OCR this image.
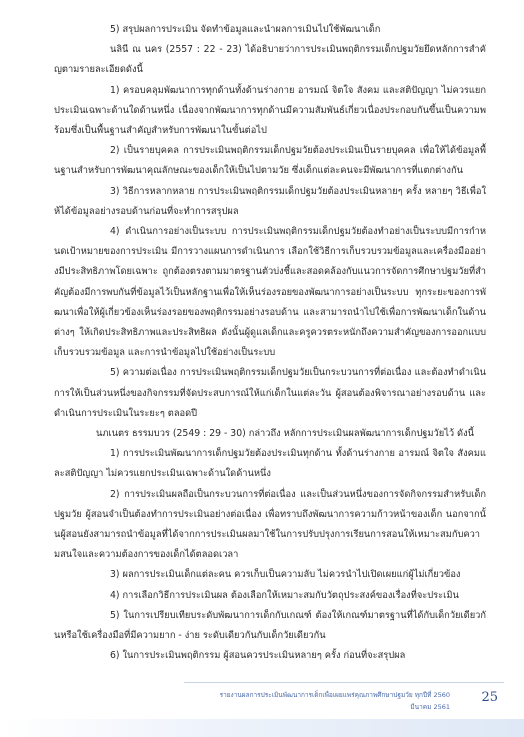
5) สรุปผลการประเมิน จัดทำข้อมูลและนำผลการเมินไปใช้พัฒนาเด็ก

นลินี ณ นคร (2557 : 22 - 23) ได้อธิบายว่าการประเมินพฤติกรรมเด็กปฐมวัยยึดหลักการสำคัญตามรายละเอียดดังนี้

1) ครอบคลุมพัฒนาการทุกด้านทั้งด้านร่างกาย อารมณ์ จิตใจ สังคม และสติปัญญา ไม่ควรแยกประเมินเฉพาะด้านใดด้านหนึ่ง เนื่องจากพัฒนาการทุกด้านมีความสัมพันธ์เกี่ยวเนื่องประกอบกันขึ้นเป็นความพร้อมซึ่งเป็นพื้นฐานสำคัญสำหรับการพัฒนาในขั้นต่อไป

2) เป็นรายบุคคล การประเมินพฤติกรรมเด็กปฐมวัยต้องประเมินเป็นรายบุคคล เพื่อให้ได้ข้อมูลพื้นฐานสำหรับการพัฒนาคุณลักษณะของเด็กให้เป็นไปตามวัย ซึ่งเด็กแต่ละคนจะมีพัฒนาการที่แตกต่างกัน

3) วิธีการหลากหลาย การประเมินพฤติกรรมเด็กปฐมวัยต้องประเมินหลายๆ ครั้ง หลายๆ วิธีเพื่อให้ได้ข้อมูลอย่างรอบด้านก่อนที่จะทำการสรุปผล

4) ดำเนินการอย่างเป็นระบบ การประเมินพฤติกรรมเด็กปฐมวัยต้องทำอย่างเป็นระบบมีการกำหนดเป้าหมายของการประเมิน มีการวางแผนการดำเนินการ เลือกใช้วิธีการเก็บรวบรวมข้อมูลและเครื่องมืออย่างมีประสิทธิภาพโดยเฉพาะ ถูกต้องตรงตามมาตรฐานตัวบ่งชี้และสอดคล้องกับแนวการจัดการศึกษาปฐมวัยที่สำคัญต้องมีการพบกันที่ข้อมูลไว้เป็นหลักฐานเพื่อให้เห็นร่องรอยของพัฒนาการอย่างเป็นระบบ ทุกระยะของการพัฒนาเพื่อให้ผู้เกี่ยวข้องเห็นร่องรอยของพฤติกรรมอย่างรอบด้าน และสามารถนำไปใช้เพื่อการพัฒนาเด็กในด้านต่างๆ ให้เกิดประสิทธิภาพและประสิทธิผล ดังนั้นผู้ดูแลเด็กและครูควรตระหนักถึงความสำคัญของการออกแบบเก็บรวบรวมข้อมูล และการนำข้อมูลไปใช้อย่างเป็นระบบ

5) ความต่อเนื่อง การประเมินพฤติกรรมเด็กปฐมวัยเป็นกระบวนการที่ต่อเนื่อง และต้องทำดำเนินการให้เป็นส่วนหนึ่งของกิจกรรมที่จัดประสบการณ์ให้แก่เด็กในแต่ละวัน ผู้สอนต้องพิจารณาอย่างรอบด้าน และดำเนินการประเมินในระยะๆ ตลอดปี

นภเนตร ธรรมบวร (2549 : 29 - 30) กล่าวถึง หลักการประเมินผลพัฒนาการเด็กปฐมวัยไว้ ดังนี้

1) การประเมินพัฒนาการเด็กปฐมวัยต้องประเมินทุกด้าน ทั้งด้านร่างกาย อารมณ์ จิตใจ สังคมและสติปัญญา ไม่ควรแยกประเมินเฉพาะด้านใดด้านหนึ่ง

2) การประเมินผลถือเป็นกระบวนการที่ต่อเนื่อง และเป็นส่วนหนึ่งของการจัดกิจกรรมสำหรับเด็กปฐมวัย ผู้สอนจำเป็นต้องทำการประเมินอย่างต่อเนื่อง เพื่อทราบถึงพัฒนาการความก้าวหน้าของเด็ก นอกจากนั้นผู้สอนยังสามารถนำข้อมูลที่ได้จากการประเมินผลมาใช้ในการปรับปรุงการเรียนการสอนให้เหมาะสมกับความสนใจและความต้องการของเด็กได้ตลอดเวลา

3) ผลการประเมินเด็กแต่ละคน ควรเก็บเป็นความลับ ไม่ควรนำไปเปิดเผยแก่ผู้ไม่เกี่ยวข้อง

4) การเลือกวิธีการประเมินผล ต้องเลือกให้เหมาะสมกับวัตถุประสงค์ของเรื่องที่จะประเมิน

5) ในการเปรียบเทียบระดับพัฒนาการเด็กกับเกณฑ์ ต้องให้เกณฑ์มาตรฐานที่ได้กับเด็กวัยเดียวกันหรือใช้เครื่องมือที่มีความยาก - ง่าย ระดับเดียวกันกับเด็กวัยเดียวกัน

6) ในการประเมินพฤติกรรม ผู้สอนควรประเมินหลายๆ ครั้ง ก่อนที่จะสรุปผล

รายงานผลการประเมินพัฒนาการเด็กเพื่อเผยแพร่คุณภาพศึกษาปฐมวัย ทุกปีที่ 2560
มีนาคม 2561
25
